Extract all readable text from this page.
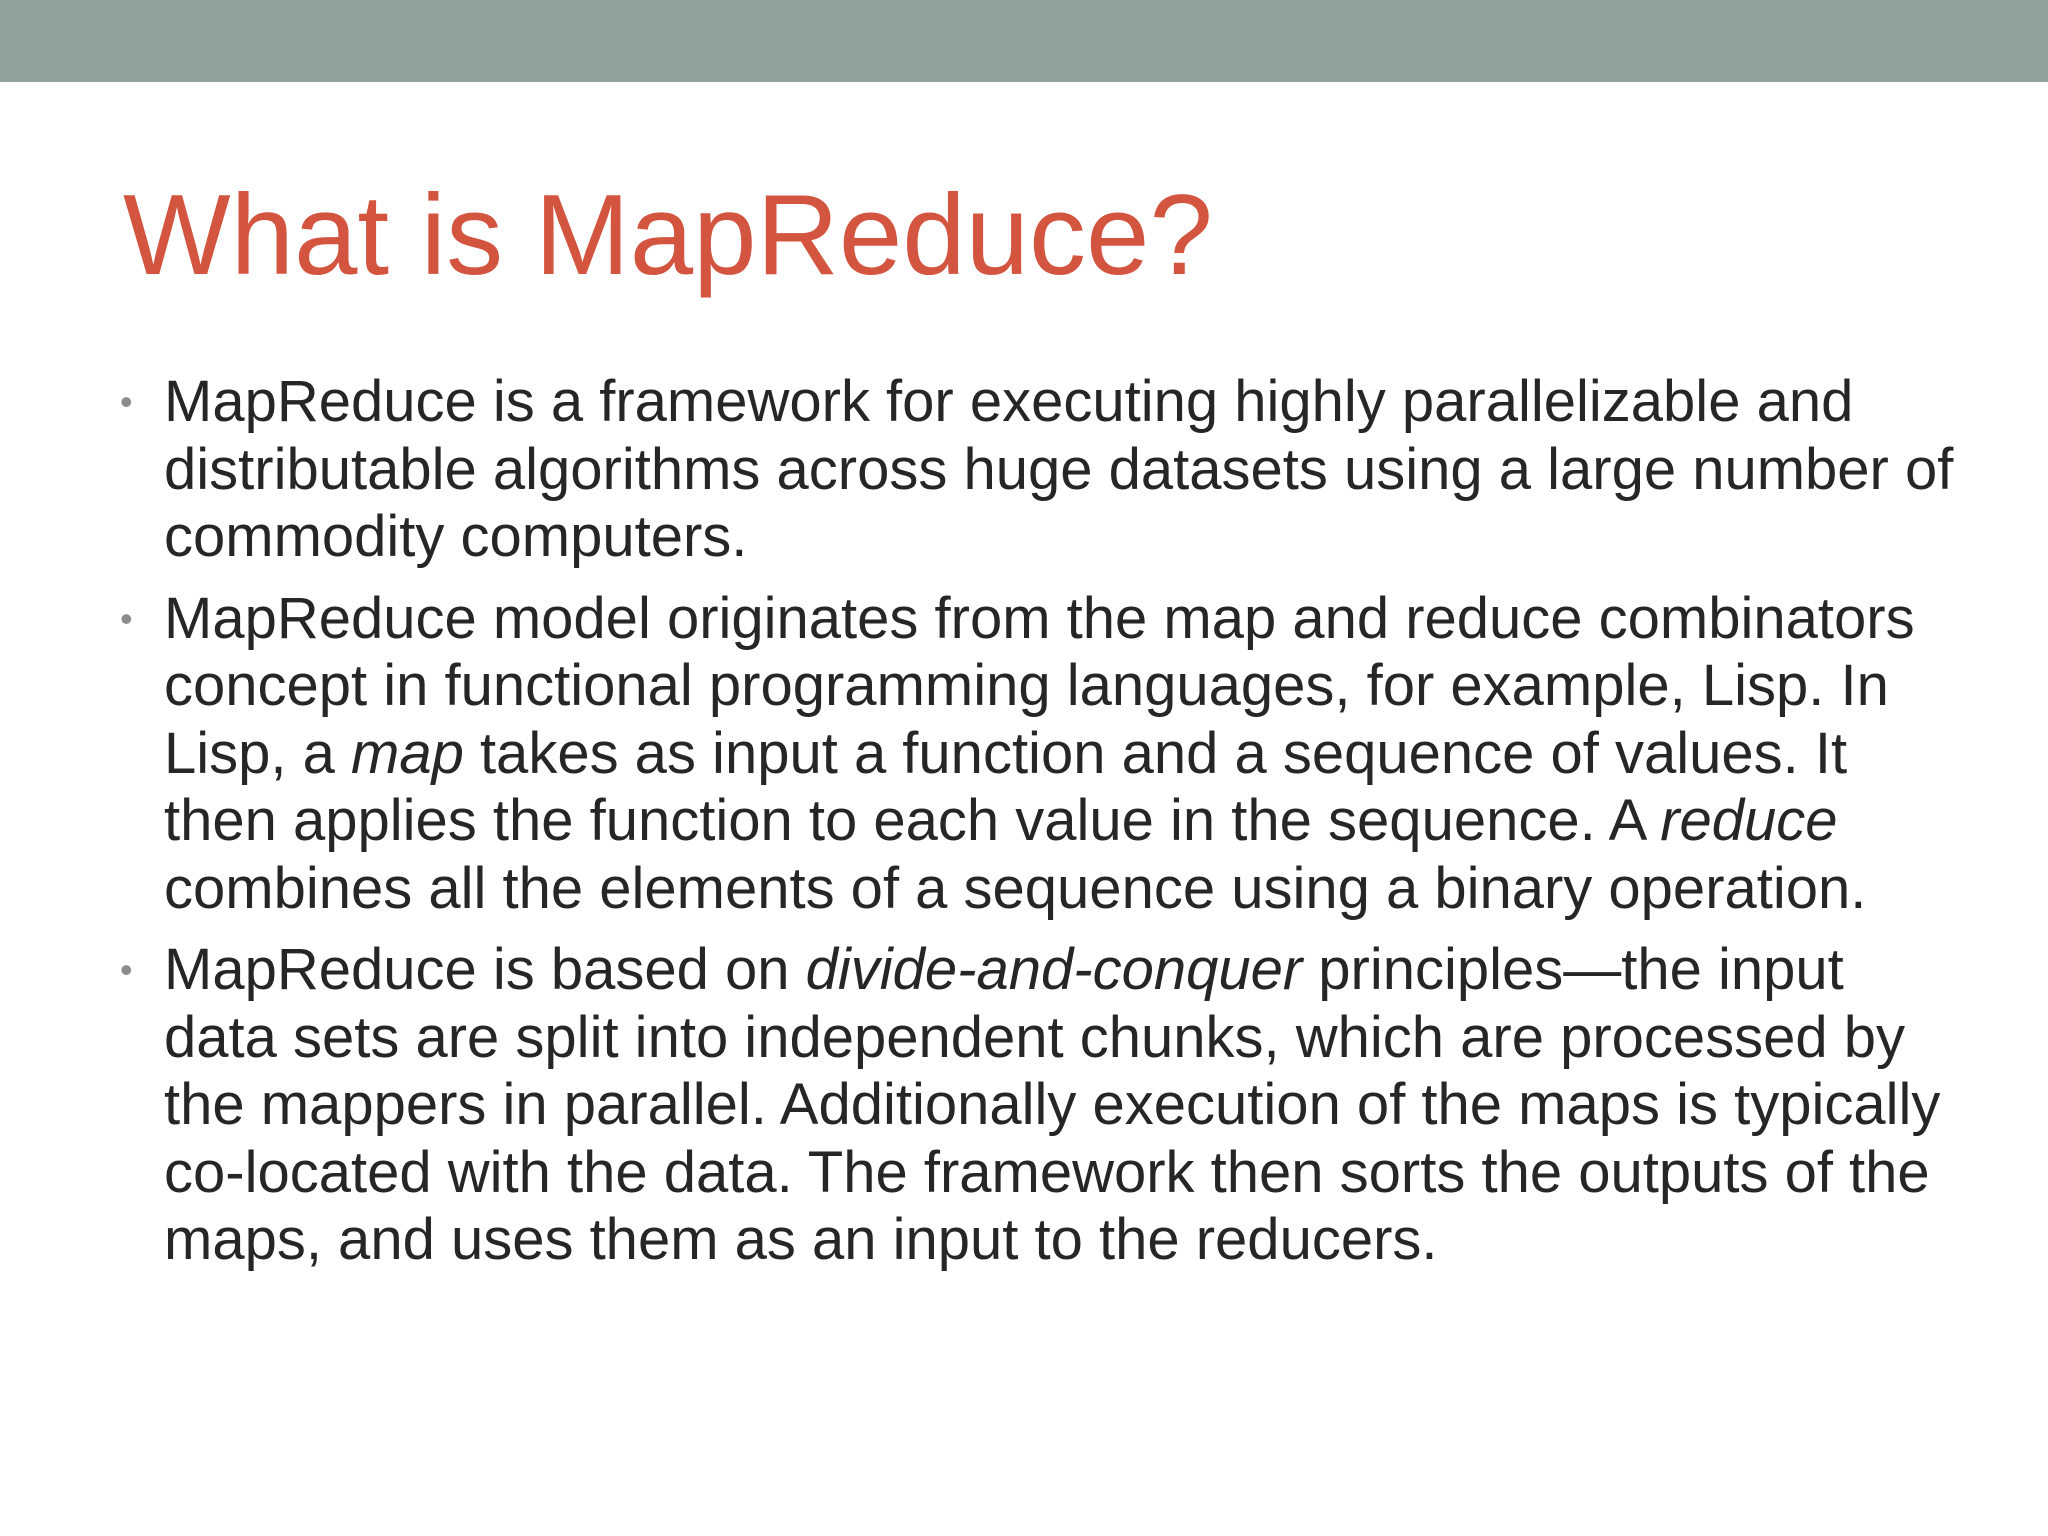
What is MapReduce?
• MapReduce is a framework for executing highly parallelizable and distributable algorithms across huge datasets using a large number of commodity computers.
• MapReduce model originates from the map and reduce combinators concept in functional programming languages, for example, Lisp. In Lisp, a map takes as input a function and a sequence of values. It then applies the function to each value in the sequence. A reduce combines all the elements of a sequence using a binary operation.
• MapReduce is based on divide-and-conquer principles—the input data sets are split into independent chunks, which are processed by the mappers in parallel. Additionally execution of the maps is typically co-located with the data. The framework then sorts the outputs of the maps, and uses them as an input to the reducers.
